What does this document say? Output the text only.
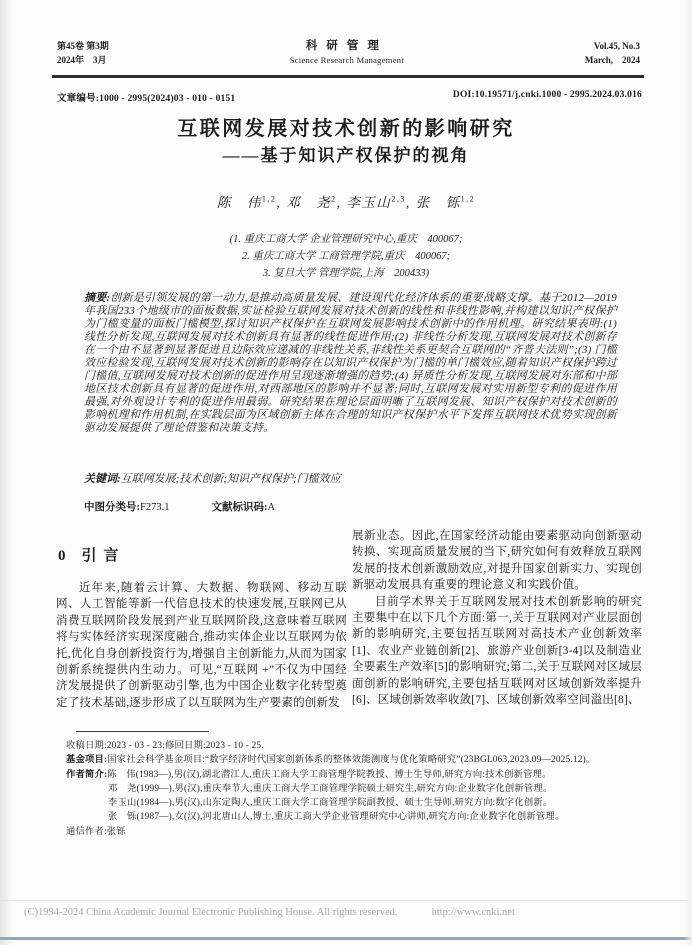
第45卷 第3期
2024年　3月
科研管理
Science Research Management
Vol.45, No.3
March,　2024
文章编号:1000 - 2995(2024)03 - 010 - 0151	DOI:10.19571/j.cnki.1000 - 2995.2024.03.016
互联网发展对技术创新的影响研究
——基于知识产权保护的视角
陈　伟$^{1,2}$, 邓　尧$^2$, 李玉山$^{2,3}$, 张　铄$^{1,2}$
(1. 重庆工商大学 企业管理研究中心,重庆　400067;
2. 重庆工商大学 工商管理学院,重庆　400067;
3. 复旦大学 管理学院,上海　200433)
摘要:创新是引领发展的第一动力,是推动高质量发展、建设现代化经济体系的重要战略支撑。基于2012—2019年我国233个地级市的面板数据,实证检验互联网发展对技术创新的线性和非线性影响,并构建以知识产权保护为门槛变量的面板门槛模型,探讨知识产权保护在互联网发展影响技术创新中的作用机理。研究结果表明:(1) 线性分析发现,互联网发展对技术创新具有显著的线性促进作用;(2) 非线性分析发现,互联网发展对技术创新存在一个由不显著到显著促进且边际效应递减的非线性关系,非线性关系更契合互联网的“齐普夫法则”;(3) 门槛效应检验发现,互联网发展对技术创新的影响存在以知识产权保护为门槛的单门槛效应,随着知识产权保护跨过门槛值,互联网发展对技术创新的促进作用呈现逐渐增强的趋势;(4) 异质性分析发现,互联网发展对东部和中部地区技术创新具有显著的促进作用,对西部地区的影响并不显著;同时,互联网发展对实用新型专利的促进作用最强,对外观设计专利的促进作用最弱。研究结果在理论层面明晰了互联网发展、知识产权保护对技术创新的影响机理和作用机制,在实践层面为区域创新主体在合理的知识产权保护水平下发挥互联网技术优势实现创新驱动发展提供了理论借鉴和决策支持。
关键词:互联网发展;技术创新;知识产权保护;门槛效应
中图分类号:F273.1	文献标识码:A
0 引言

近年来,随着云计算、大数据、物联网、移动互联网、人工智能等新一代信息技术的快速发展,互联网已从消费互联网阶段发展到产业互联网阶段,这意味着互联网将与实体经济实现深度融合,推动实体企业以互联网为依托,优化自身创新投资行为,增强自主创新能力,从而为国家创新系统提供内生动力。可见,“互联网 +”不仅为中国经济发展提供了创新驱动引擎,也为中国企业数字化转型奠定了技术基础,逐步形成了以互联网为生产要素的创新发

展新业态。因此,在国家经济动能由要素驱动向创新驱动转换、实现高质量发展的当下,研究如何有效释放互联网发展的技术创新激励效应,对提升国家创新实力、实现创新驱动发展具有重要的理论意义和实践价值。

目前学术界关于互联网发展对技术创新影响的研究主要集中在以下几个方面:第一,关于互联网对产业层面创新的影响研究,主要包括互联网对高技术产业创新效率[1]、农业产业链创新[2]、旅游产业创新[3-4]以及制造业全要素生产效率[5]的影响研究;第二,关于互联网对区域层面创新的影响研究,主要包括互联网对区域创新效率提升[6]、区域创新效率收敛[7]、区域创新效率空间溢出[8]、

收稿日期:2023 - 03 - 23;修回日期:2023 - 10 - 25.
基金项目:国家社会科学基金项目:“数字经济时代国家创新体系的整体效能测度与优化策略研究”(23BGL063,2023.09—2025.12)。
作者简介:陈　伟(1983—),男(汉),湖北潜江人,重庆工商大学工商管理学院教授、博士生导师,研究方向:技术创新管理。
邓　尧(1999—),男(汉),重庆奉节人,重庆工商大学工商管理学院硕士研究生,研究方向:企业数字化创新管理。
李玉山(1984—),男(汉),山东定陶人,重庆工商大学工商管理学院副教授、硕士生导师,研究方向:数字化创新。
张　铄(1987—),女(汉),河北唐山人,博士,重庆工商大学企业管理研究中心讲师,研究方向:企业数字化创新管理。
通信作者:张铄
(C)1994-2024 China Academic Journal Electronic Publishing House. All rights reserved.	http://www.cnki.net
